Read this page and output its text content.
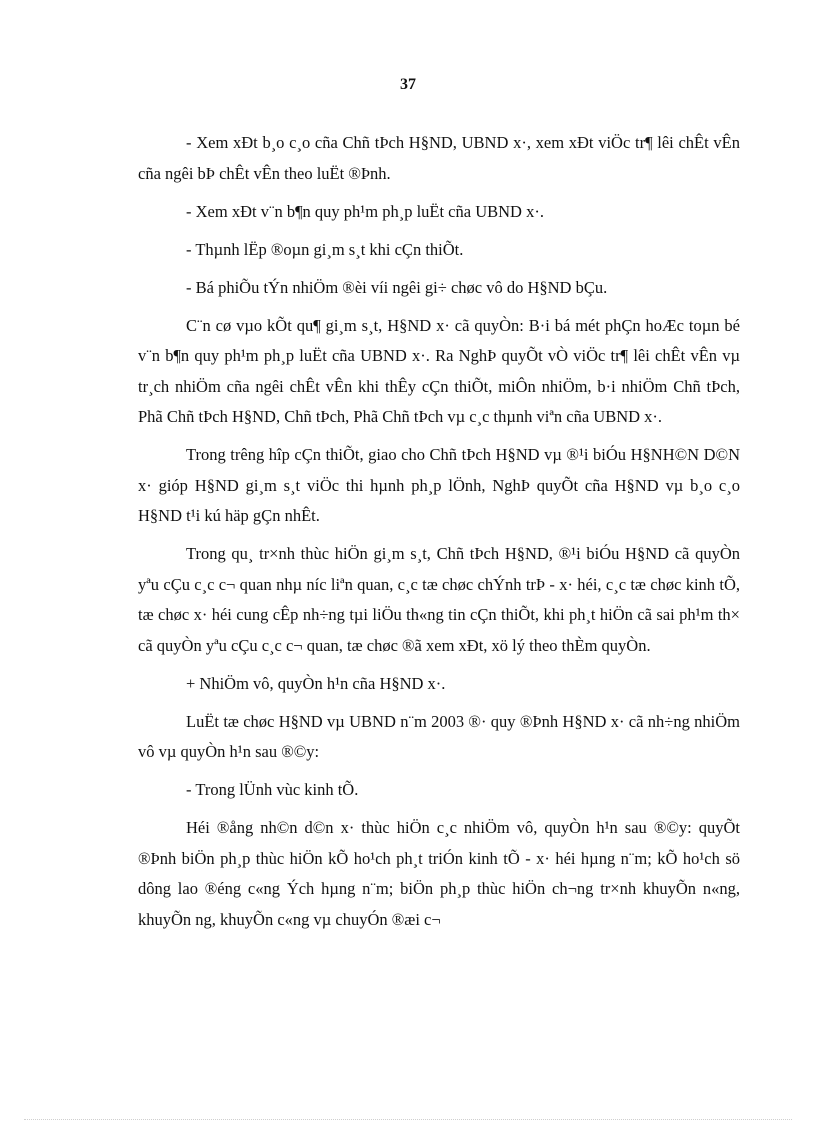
37

- Xem xÐt b¸o c¸o cña Chñ tÞch H§ND, UBND x·, xem xÐt viÖc tr¶ lêi chÊt vÊn cña ngêi bÞ chÊt vÊn theo luËt ®Þnh.

- Xem xÐt v¨n b¶n quy ph¹m ph¸p luËt cña UBND x·.

- Thµnh lËp ®oµn gi¸m s¸t khi cÇn thiÕt.

- Bá phiÕu tÝn nhiÖm ®èi víi ngêi gi÷ chøc vô do H§ND bÇu.

C¨n cø vµo kÕt qu¶ gi¸m s¸t, H§ND x· cã quyÒn: B·i bá mét phÇn hoÆc toµn bé v¨n b¶n quy ph¹m ph¸p luËt cña UBND x·. Ra NghÞ quyÕt vÒ viÖc tr¶ lêi chÊt vÊn vµ tr¸ch nhiÖm cña ngêi chÊt vÊn khi thÊy cÇn thiÕt, miÔn nhiÖm, b·i nhiÖm Chñ tÞch, Phã Chñ tÞch H§ND, Chñ tÞch, Phã Chñ tÞch vµ c¸c thµnh viªn cña UBND x·.

Trong trêng hîp cÇn thiÕt, giao cho Chñ tÞch H§ND vµ ®¹i biÓu H§NH©N D©N x· gióp H§ND gi¸m s¸t viÖc thi hµnh ph¸p lÖnh, NghÞ quyÕt cña H§ND vµ b¸o c¸o H§ND t¹i kú häp gÇn nhÊt.

Trong qu¸ tr×nh thùc hiÖn gi¸m s¸t, Chñ tÞch H§ND, ®¹i biÓu H§ND cã quyÒn yªu cÇu c¸c c¬ quan nhµ níc liªn quan, c¸c tæ chøc chÝnh trÞ - x· héi, c¸c tæ chøc kinh tÕ, tæ chøc x· héi cung cÊp nh÷ng tµi liÖu th«ng tin cÇn thiÕt, khi ph¸t hiÖn cã sai ph¹m th× cã quyÒn yªu cÇu c¸c c¬ quan, tæ chøc ®ã xem xÐt, xö lý theo thÈm quyÒn.

+ NhiÖm vô, quyÒn h¹n cña H§ND x·.

LuËt tæ chøc H§ND vµ UBND n¨m 2003 ®· quy ®Þnh H§ND x· cã nh÷ng nhiÖm vô vµ quyÒn h¹n sau ®©y:

- Trong lÜnh vùc kinh tÕ.

Héi ®ång nh©n d©n x· thùc hiÖn c¸c nhiÖm vô, quyÒn h¹n sau ®©y: quyÕt ®Þnh biÖn ph¸p thùc hiÖn kÕ ho¹ch ph¸t triÓn kinh tÕ - x· héi hµng n¨m; kÕ ho¹ch sö dông lao ®éng c«ng Ých hµng n¨m; biÖn ph¸p thùc hiÖn ch¬ng tr×nh khuyÕn n«ng, khuyÕn ng, khuyÕn c«ng vµ chuyÓn ®æi c¬
